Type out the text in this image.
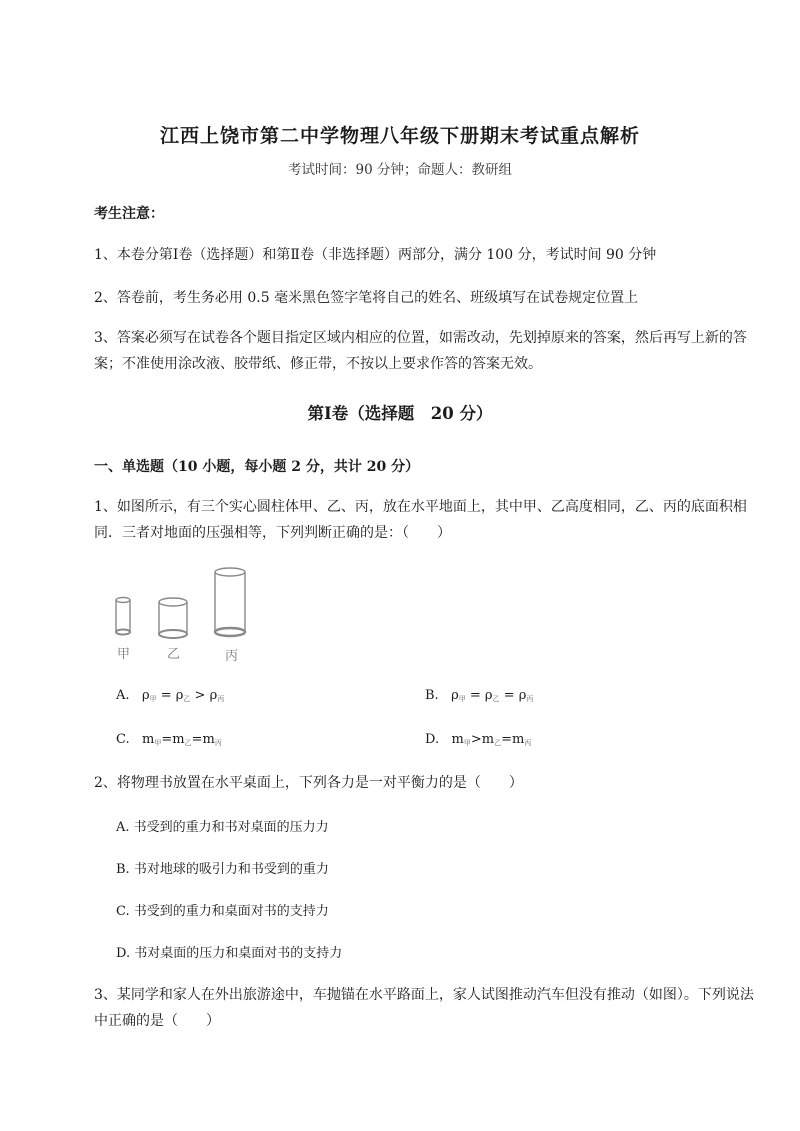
江西上饶市第二中学物理八年级下册期末考试重点解析
考试时间：90 分钟；命题人：教研组
考生注意：
1、本卷分第Ⅰ卷（选择题）和第Ⅱ卷（非选择题）两部分，满分 100 分，考试时间 90 分钟
2、答卷前，考生务必用 0.5 毫米黑色签字笔将自己的姓名、班级填写在试卷规定位置上
3、答案必须写在试卷各个题目指定区域内相应的位置，如需改动，先划掉原来的答案，然后再写上新的答案；不准使用涂改液、胶带纸、修正带，不按以上要求作答的答案无效。
第Ⅰ卷（选择题　20 分）
一、单选题（10 小题，每小题 2 分，共计 20 分）
1、如图所示，有三个实心圆柱体甲、乙、丙，放在水平地面上，其中甲、乙高度相同，乙、丙的底面积相同．三者对地面的压强相等，下列判断正确的是：（　　）
甲	乙	丙
A. $\rho_甲 = \rho_乙 > \rho_丙$	B. $\rho_甲 = \rho_乙 = \rho_丙$
C. $m_甲=m_乙=m_丙$	D. $m_甲>m_乙=m_丙$
2、将物理书放置在水平桌面上，下列各力是一对平衡力的是（　　）
A. 书受到的重力和书对桌面的压力力
B. 书对地球的吸引力和书受到的重力
C. 书受到的重力和桌面对书的支持力
D. 书对桌面的压力和桌面对书的支持力
3、某同学和家人在外出旅游途中，车抛锚在水平路面上，家人试图推动汽车但没有推动（如图）。下列说法中正确的是（　　）
